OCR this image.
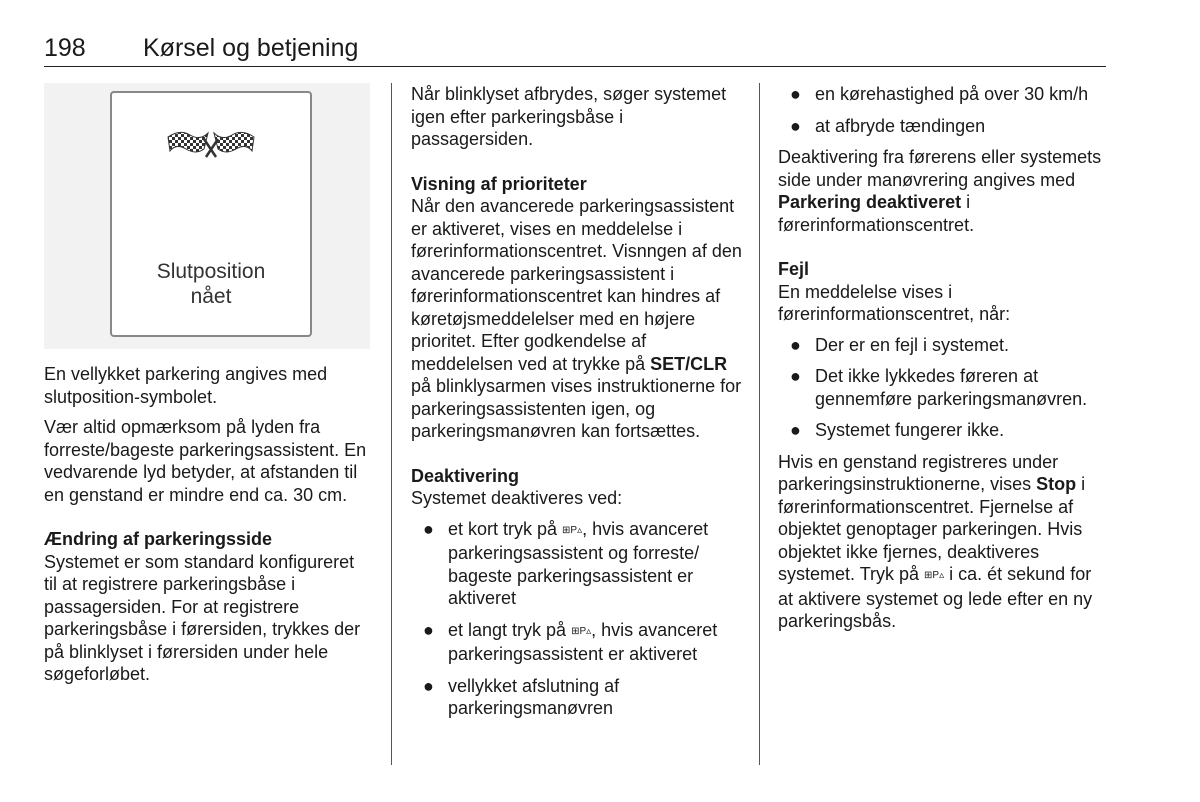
198 Kørsel og betjening
Slutposition
nået

En vellykket parkering angives med slutposition-symbolet.

Vær altid opmærksom på lyden fra forreste/bageste parkeringsassistent. En vedvarende lyd betyder, at afstanden til en genstand er mindre end ca. 30 cm.

Ændring af parkeringsside

Systemet er som standard konfigureret til at registrere parkeringsbåse i passagersiden. For at registrere parkeringsbåse i førersiden, trykkes der på blinklyset i førersiden under hele søgeforløbet.

Når blinklyset afbrydes, søger systemet igen efter parkeringsbåse i passagersiden.

Visning af prioriteter

Når den avancerede parkeringsassistent er aktiveret, vises en meddelelse i førerinformationscentret. Visnngen af den avancerede parkeringsassistent i førerinformationscentret kan hindres af køretøjsmeddelelser med en højere prioritet. Efter godkendelse af meddelelsen ved at trykke på SET/CLR på blinklysarmen vises instruktionerne for parkeringsassistenten igen, og parkeringsmanøvren kan fortsættes.

Deaktivering

Systemet deaktiveres ved:

● et kort tryk på ⊞P▵, hvis avanceret parkeringsassistent og forreste/ bageste parkeringsassistent er aktiveret
● et langt tryk på ⊞P▵, hvis avanceret parkeringsassistent er aktiveret
● vellykket afslutning af parkeringsmanøvren
● en kørehastighed på over 30 km/h
● at afbryde tændingen

Deaktivering fra førerens eller systemets side under manøvrering angives med Parkering deaktiveret i førerinformationscentret.

Fejl

En meddelelse vises i førerinformationscentret, når:

● Der er en fejl i systemet.
● Det ikke lykkedes føreren at gennemføre parkeringsmanøvren.
● Systemet fungerer ikke.

Hvis en genstand registreres under parkeringsinstruktionerne, vises Stop i førerinformationscentret. Fjernelse af objektet genoptager parkeringen. Hvis objektet ikke fjernes, deaktiveres systemet. Tryk på ⊞P▵ i ca. ét sekund for at aktivere systemet og lede efter en ny parkeringsbås.
